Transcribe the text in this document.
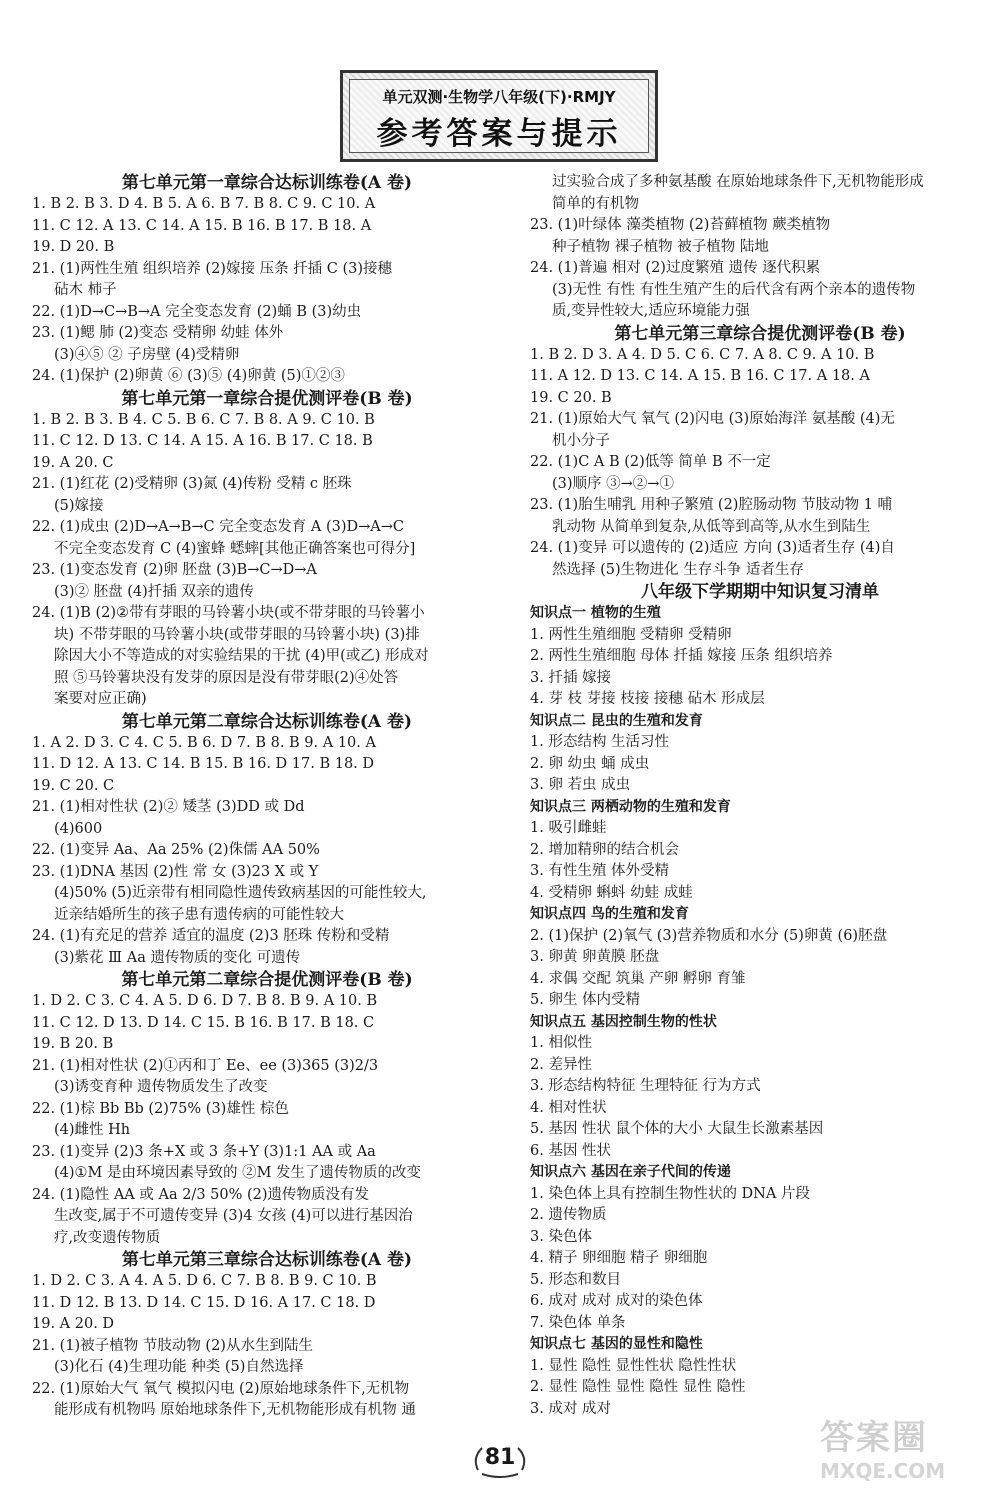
单元双测·生物学八年级(下)·RMJY
参考答案与提示
第七单元第一章综合达标训练卷(A 卷)
1. B 2. B 3. D 4. B 5. A 6. B 7. B 8. C 9. C 10. A
11. C 12. A 13. C 14. A 15. B 16. B 17. B 18. A
19. D 20. B
21. (1)两性生殖 组织培养 (2)嫁接 压条 扦插 C (3)接穗
砧木 柿子
22. (1)D→C→B→A 完全变态发育 (2)蛹 B (3)幼虫
23. (1)鳃 肺 (2)变态 受精卵 幼蛙 体外
(3)④⑤ ② 子房壁 (4)受精卵
24. (1)保护 (2)卵黄 ⑥ (3)⑤ (4)卵黄 (5)①②③
第七单元第一章综合提优测评卷(B 卷)
1. B 2. B 3. B 4. C 5. B 6. C 7. B 8. A 9. C 10. B
11. C 12. D 13. C 14. A 15. A 16. B 17. C 18. B
19. A 20. C
21. (1)红花 (2)受精卵 (3)氮 (4)传粉 受精 c 胚珠
(5)嫁接
22. (1)成虫 (2)D→A→B→C 完全变态发育 A (3)D→A→C
不完全变态发育 C (4)蜜蜂 蟋蟀[其他正确答案也可得分]
23. (1)变态发育 (2)卵 胚盘 (3)B→C→D→A
(3)② 胚盘 (4)扦插 双亲的遗传
24. (1)B (2)②带有芽眼的马铃薯小块(或不带芽眼的马铃薯小
块) 不带芽眼的马铃薯小块(或带芽眼的马铃薯小块) (3)排
除因大小不等造成的对实验结果的干扰 (4)甲(或乙) 形成对
照 ⑤马铃薯块没有发芽的原因是没有带芽眼(2)④处答
案要对应正确)
第七单元第二章综合达标训练卷(A 卷)
1. A 2. D 3. C 4. C 5. B 6. D 7. B 8. B 9. A 10. A
11. D 12. A 13. C 14. B 15. B 16. D 17. B 18. D
19. C 20. C
21. (1)相对性状 (2)② 矮茎 (3)DD 或 Dd
(4)600
22. (1)变异 Aa、Aa 25% (2)侏儒 AA 50%
23. (1)DNA 基因 (2)性 常 女 (3)23 X 或 Y
(4)50% (5)近亲带有相同隐性遗传致病基因的可能性较大,
近亲结婚所生的孩子患有遗传病的可能性较大
24. (1)有充足的营养 适宜的温度 (2)3 胚珠 传粉和受精
(3)紫花 Ⅲ Aa 遗传物质的变化 可遗传
第七单元第二章综合提优测评卷(B 卷)
1. D 2. C 3. C 4. A 5. D 6. D 7. B 8. B 9. A 10. B
11. C 12. D 13. D 14. C 15. B 16. B 17. B 18. C
19. B 20. B
21. (1)相对性状 (2)①丙和丁 Ee、ee (3)365 (3)2/3
(3)诱变育种 遗传物质发生了改变
22. (1)棕 Bb Bb (2)75% (3)雄性 棕色
(4)雌性 Hh
23. (1)变异 (2)3 条+X 或 3 条+Y (3)1:1 AA 或 Aa
(4)①M 是由环境因素导致的 ②M 发生了遗传物质的改变
24. (1)隐性 AA 或 Aa 2/3 50% (2)遗传物质没有发
生改变,属于不可遗传变异 (3)4 女孩 (4)可以进行基因治
疗,改变遗传物质
第七单元第三章综合达标训练卷(A 卷)
1. D 2. C 3. A 4. A 5. D 6. C 7. B 8. B 9. C 10. B
11. D 12. B 13. D 14. C 15. D 16. A 17. C 18. D
19. A 20. D
21. (1)被子植物 节肢动物 (2)从水生到陆生
(3)化石 (4)生理功能 种类 (5)自然选择
22. (1)原始大气 氧气 模拟闪电 (2)原始地球条件下,无机物
能形成有机物吗 原始地球条件下,无机物能形成有机物 通
过实验合成了多种氨基酸 在原始地球条件下,无机物能形成
简单的有机物
23. (1)叶绿体 藻类植物 (2)苔藓植物 蕨类植物
种子植物 裸子植物 被子植物 陆地
24. (1)普遍 相对 (2)过度繁殖 遗传 逐代积累
(3)无性 有性 有性生殖产生的后代含有两个亲本的遗传物
质,变异性较大,适应环境能力强
第七单元第三章综合提优测评卷(B 卷)
1. B 2. D 3. A 4. D 5. C 6. C 7. A 8. C 9. A 10. B
11. A 12. D 13. C 14. A 15. B 16. C 17. A 18. A
19. C 20. B
21. (1)原始大气 氧气 (2)闪电 (3)原始海洋 氨基酸 (4)无
机小分子
22. (1)C A B (2)低等 简单 B 不一定
(3)顺序 ③→②→①
23. (1)胎生哺乳 用种子繁殖 (2)腔肠动物 节肢动物 1 哺
乳动物 从简单到复杂,从低等到高等,从水生到陆生
24. (1)变异 可以遗传的 (2)适应 方向 (3)适者生存 (4)自
然选择 (5)生物进化 生存斗争 适者生存
八年级下学期期中知识复习清单
知识点一 植物的生殖
1. 两性生殖细胞 受精卵 受精卵
2. 两性生殖细胞 母体 扦插 嫁接 压条 组织培养
3. 扦插 嫁接
4. 芽 枝 芽接 枝接 接穗 砧木 形成层
知识点二 昆虫的生殖和发育
1. 形态结构 生活习性
2. 卵 幼虫 蛹 成虫
3. 卵 若虫 成虫
知识点三 两栖动物的生殖和发育
1. 吸引雌蛙
2. 增加精卵的结合机会
3. 有性生殖 体外受精
4. 受精卵 蝌蚪 幼蛙 成蛙
知识点四 鸟的生殖和发育
2. (1)保护 (2)氧气 (3)营养物质和水分 (5)卵黄 (6)胚盘
3. 卵黄 卵黄膜 胚盘
4. 求偶 交配 筑巢 产卵 孵卵 育雏
5. 卵生 体内受精
知识点五 基因控制生物的性状
1. 相似性
2. 差异性
3. 形态结构特征 生理特征 行为方式
4. 相对性状
5. 基因 性状 鼠个体的大小 大鼠生长激素基因
6. 基因 性状
知识点六 基因在亲子代间的传递
1. 染色体上具有控制生物性状的 DNA 片段
2. 遗传物质
3. 染色体
4. 精子 卵细胞 精子 卵细胞
5. 形态和数目
6. 成对 成对 成对的染色体
7. 染色体 单条
知识点七 基因的显性和隐性
1. 显性 隐性 显性性状 隐性性状
2. 显性 隐性 显性 隐性 显性 隐性
3. 成对 成对
81	答案圈
MXQE.COM
